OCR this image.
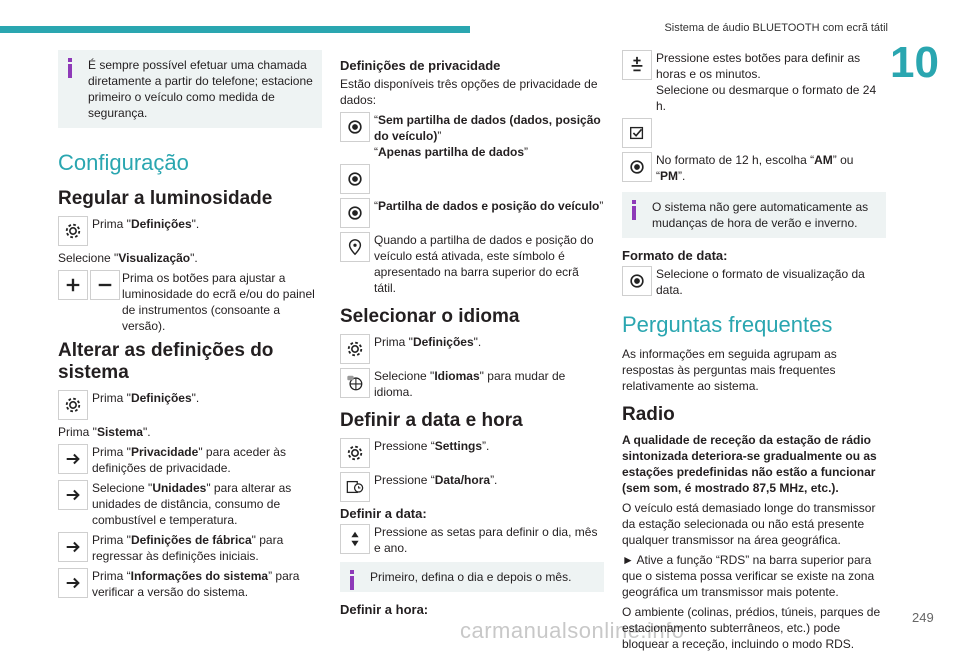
Sistema de áudio BLUETOOTH com ecrã tátil
10
249
carmanualsonline.info
É sempre possível efetuar uma chamada diretamente a partir do telefone; estacione primeiro o veículo como medida de segurança.
Configuração
Regular a luminosidade
Prima "Definições".

Selecione "Visualização".

Prima os botões para ajustar a luminosidade do ecrã e/ou do painel de instrumentos (consoante a versão).
Alterar as definições do sistema
Prima "Definições".

Prima "Sistema".

Prima "Privacidade" para aceder às definições de privacidade.
Selecione "Unidades" para alterar as unidades de distância, consumo de combustível e temperatura.
Prima "Definições de fábrica" para regressar às definições iniciais.
Prima “Informações do sistema” para verificar a versão do sistema.
Definições de privacidade

Estão disponíveis três opções de privacidade de dados:

“Sem partilha de dados (dados, posição do veículo)”
“Apenas partilha de dados”
“Partilha de dados e posição do veículo”
Quando a partilha de dados e posição do veículo está ativada, este símbolo é apresentado na barra superior do ecrã tátil.
Selecionar o idioma
Prima "Definições".
Selecione "Idiomas" para mudar de idioma.
Definir a data e hora
Pressione “Settings”.
Pressione “Data/hora”.
Definir a data:
Pressione as setas para definir o dia, mês e ano.
Primeiro, defina o dia e depois o mês.
Definir a hora:
Pressione estes botões para definir as horas e os minutos.
Selecione ou desmarque o formato de 24 h.
No formato de 12 h, escolha “AM” ou “PM”.
O sistema não gere automaticamente as mudanças de hora de verão e inverno.
Formato de data:
Selecione o formato de visualização da data.
Perguntas frequentes

As informações em seguida agrupam as respostas às perguntas mais frequentes relativamente ao sistema.

Radio

A qualidade de receção da estação de rádio sintonizada deteriora-se gradualmente ou as estações predefinidas não estão a funcionar (sem som, é mostrado 87,5 MHz, etc.).

O veículo está demasiado longe do transmissor da estação selecionada ou não está presente qualquer transmissor na área geográfica.

► Ative a função “RDS” na barra superior para que o sistema possa verificar se existe na zona geográfica um transmissor mais potente.

O ambiente (colinas, prédios, túneis, parques de estacionamento subterrâneos, etc.) pode bloquear a receção, incluindo o modo RDS.
